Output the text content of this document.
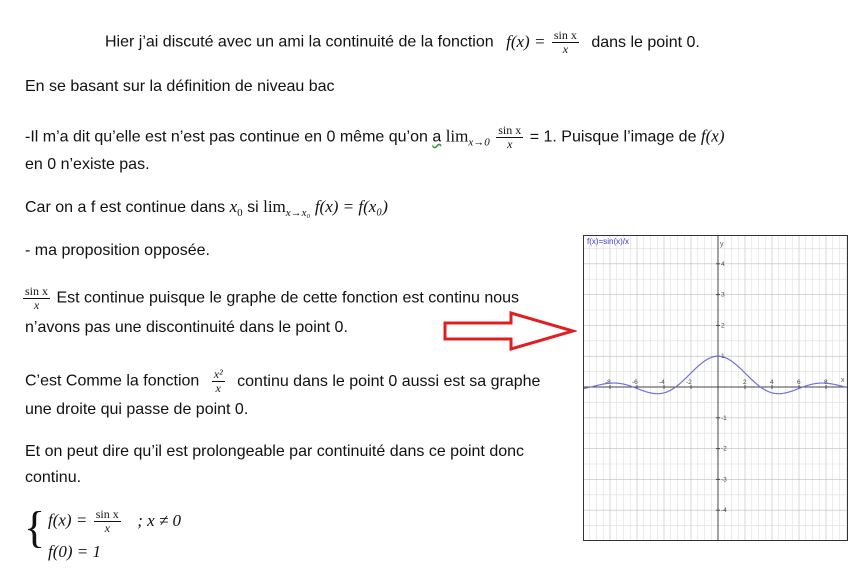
Hier j’ai discuté avec un ami la continuité de la fonction $f(x) = \frac{\text{sin x}}{x}$ dans le point 0.
En se basant sur la définition de niveau bac
-Il m’a dit qu’elle est n’est pas continue en 0 même qu’on a $\lim_{x\to 0} \frac{\text{sin x}}{x} = 1$. Puisque l’image de f(x)
en 0 n’existe pas.
Car on a f est continue dans $x_0$ si $\lim_{x\to x_0} f(x) = f(x_0)$
- ma proposition opposée.
$\frac{\text{sin x}}{x}$ Est continue puisque le graphe de cette fonction est continu nous
n’avons pas une discontinuité dans le point 0.
C’est Comme la fonction $\frac{\text{x²}}{x}$ continu dans le point 0 aussi est sa graphe
une droite qui passe de point 0.
Et on peut dire qu’il est prolongeable par continuité dans ce point donc
continu.
{ $f(x) = \frac{\text{sin x}}{x}$ ; x ≠ 0
f(0) = 1
-8	-6	-4	-2	2	4	6	8
4
3
2
1
-1
-2
-3
-4
f(x)=sin(x)/x	y
x
